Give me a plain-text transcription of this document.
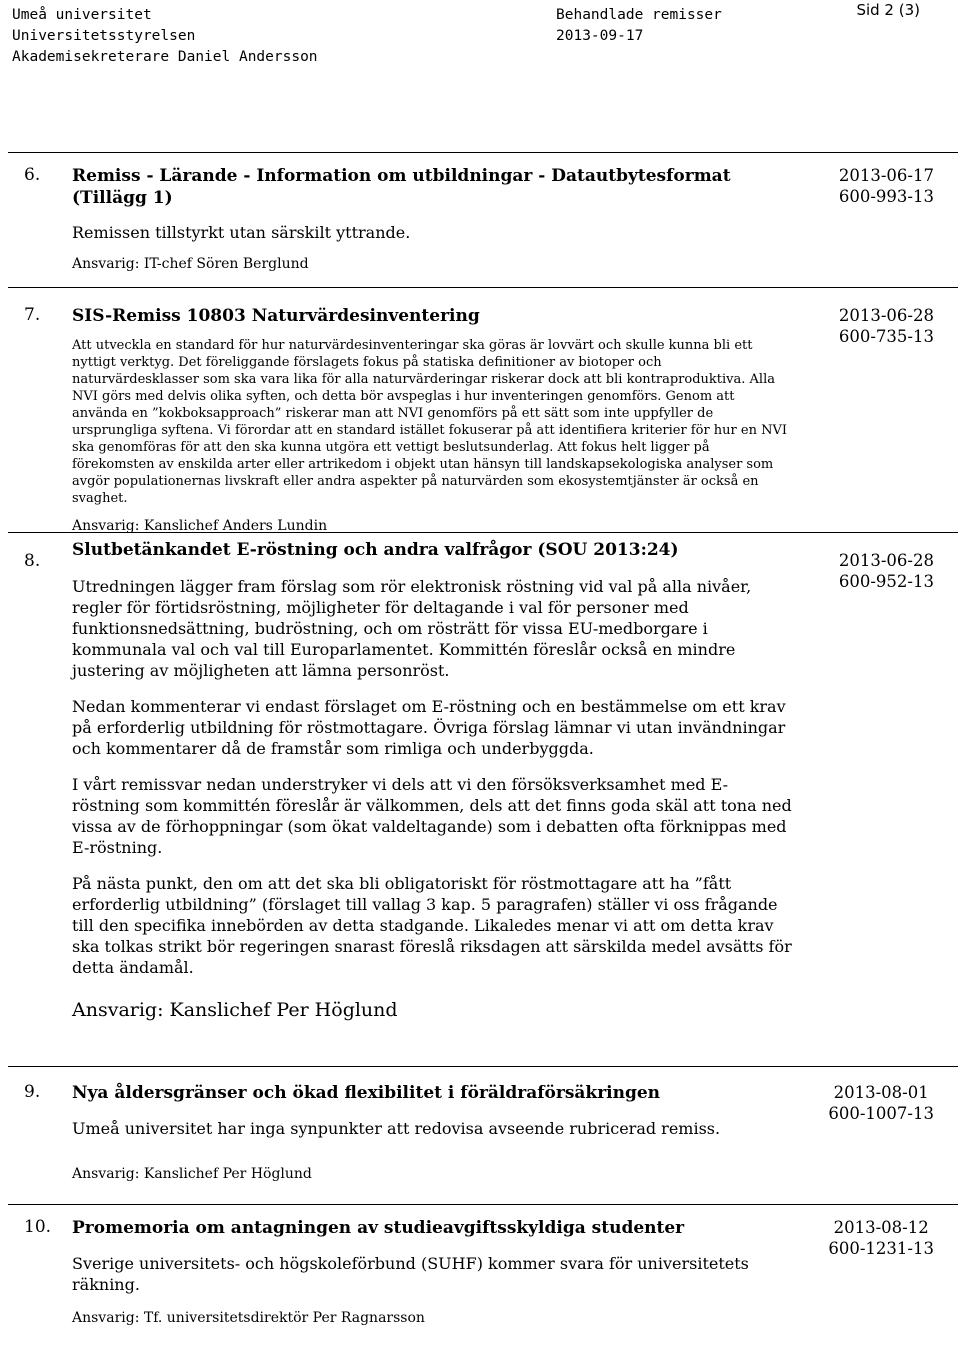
Umeå universitet
Universitetsstyrelsen
Akademisekreterare Daniel Andersson
Behandlade remisser
2013-09-17
Sid 2 (3)
6. Remiss - Lärande - Information om utbildningar - Datautbytesformat (Tillägg 1)

Remissen tillstyrkt utan särskilt yttrande.

Ansvarig: IT-chef Sören Berglund

2013-06-17
600-993-13
7. SIS-Remiss 10803 Naturvärdesinventering

Att utveckla en standard för hur naturvärdesinventeringar ska göras är lovvärt och skulle kunna bli ett nyttigt verktyg. Det föreliggande förslagets fokus på statiska definitioner av biotoper och naturvärdesklasser som ska vara lika för alla naturvärderingar riskerar dock att bli kontraproduktiva. Alla NVI görs med delvis olika syften, och detta bör avspeglas i hur inventeringen genomförs. Genom att använda en ”kokboksapproach” riskerar man att NVI genomförs på ett sätt som inte uppfyller de ursprungliga syftena. Vi förordar att en standard istället fokuserar på att identifiera kriterier för hur en NVI ska genomföras för att den ska kunna utgöra ett vettigt beslutsunderlag. Att fokus helt ligger på förekomsten av enskilda arter eller artrikedom i objekt utan hänsyn till landskapsekologiska analyser som avgör populationernas livskraft eller andra aspekter på naturvärden som ekosystemtjänster är också en svaghet.

Ansvarig: Kanslichef Anders Lundin

2013-06-28
600-735-13
8.

Slutbetänkandet E-röstning och andra valfrågor (SOU 2013:24)

Utredningen lägger fram förslag som rör elektronisk röstning vid val på alla nivåer, regler för förtidsröstning, möjligheter för deltagande i val för personer med funktionsnedsättning, budröstning, och om rösträtt för vissa EU-medborgare i kommunala val och val till Europarlamentet. Kommittén föreslår också en mindre justering av möjligheten att lämna personröst.

Nedan kommenterar vi endast förslaget om E-röstning och en bestämmelse om ett krav på erforderlig utbildning för röstmottagare. Övriga förslag lämnar vi utan invändningar och kommentarer då de framstår som rimliga och underbyggda.

I vårt remissvar nedan understryker vi dels att vi den försöksverksamhet med E-röstning som kommittén föreslår är välkommen, dels att det finns goda skäl att tona ned vissa av de förhoppningar (som ökat valdeltagande) som i debatten ofta förknippas med E-röstning.

På nästa punkt, den om att det ska bli obligatoriskt för röstmottagare att ha ”fått erforderlig utbildning” (förslaget till vallag 3 kap. 5 paragrafen) ställer vi oss frågande till den specifika innebörden av detta stadgande. Likaledes menar vi att om detta krav ska tolkas strikt bör regeringen snarast föreslå riksdagen att särskilda medel avsätts för detta ändamål.

Ansvarig: Kanslichef Per Höglund

2013-06-28
600-952-13
9. Nya åldersgränser och ökad flexibilitet i föräldraförsäkringen

Umeå universitet har inga synpunkter att redovisa avseende rubricerad remiss.

Ansvarig: Kanslichef Per Höglund

2013-08-01
600-1007-13
10. Promemoria om antagningen av studieavgiftsskyldiga studenter

Sverige universitets- och högskoleförbund (SUHF) kommer svara för universitetets räkning.

Ansvarig: Tf. universitetsdirektör Per Ragnarsson

2013-08-12
600-1231-13
